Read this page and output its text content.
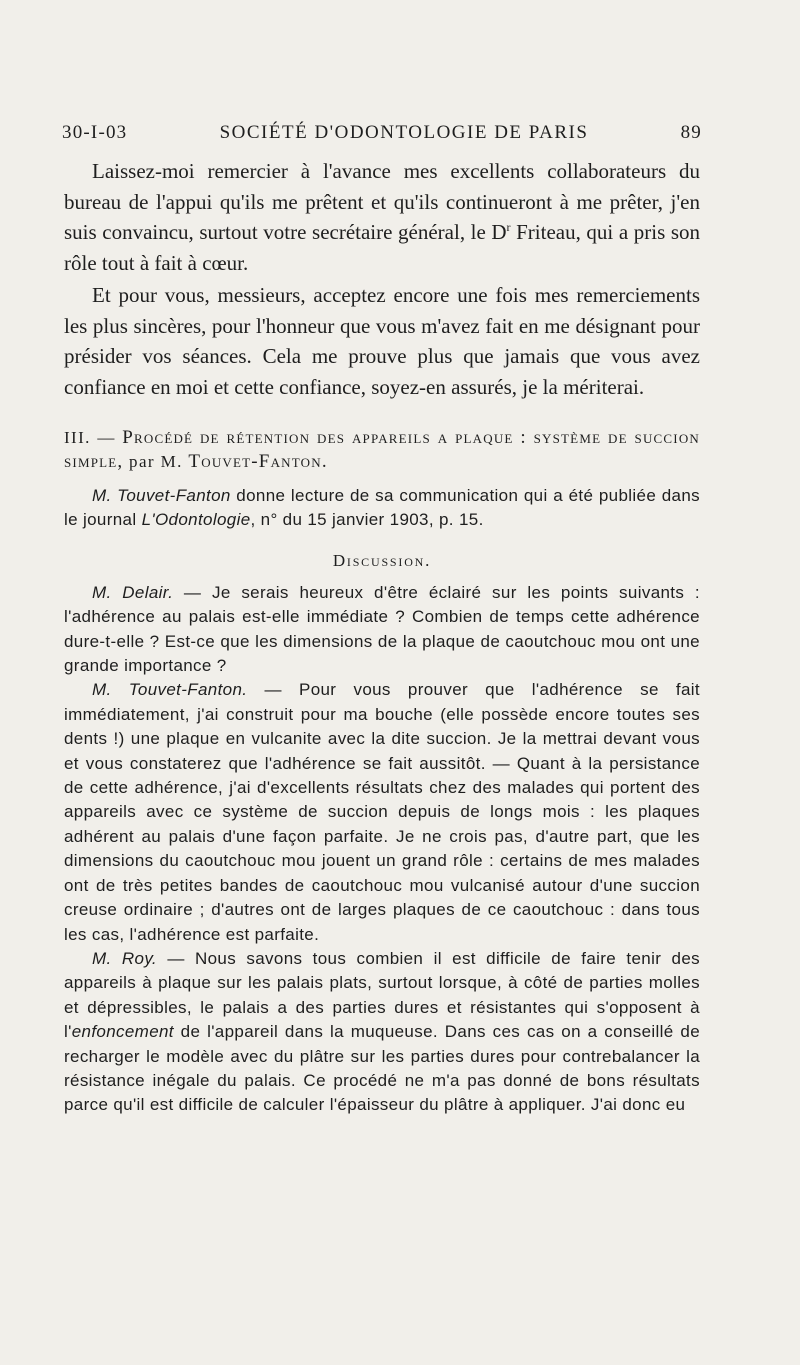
30-I-03	SOCIÉTÉ D'ODONTOLOGIE DE PARIS	89

Laissez-moi remercier à l'avance mes excellents collaborateurs du bureau de l'appui qu'ils me prêtent et qu'ils continueront à me prêter, j'en suis convaincu, surtout votre secrétaire général, le $D^r$ Friteau, qui a pris son rôle tout à fait à cœur.

Et pour vous, messieurs, acceptez encore une fois mes remerciements les plus sincères, pour l'honneur que vous m'avez fait en me désignant pour présider vos séances. Cela me prouve plus que jamais que vous avez confiance en moi et cette confiance, soyez-en assurés, je la mériterai.

III. — Procédé de rétention des appareils a plaque : système de succion simple, par M. Touvet-Fanton.

M. Touvet-Fanton donne lecture de sa communication qui a été publiée dans le journal L'Odontologie, n° du 15 janvier 1903, p. 15.

Discussion.

M. Delair. — Je serais heureux d'être éclairé sur les points suivants : l'adhérence au palais est-elle immédiate ? Combien de temps cette adhérence dure-t-elle ? Est-ce que les dimensions de la plaque de caoutchouc mou ont une grande importance ?

M. Touvet-Fanton. — Pour vous prouver que l'adhérence se fait immédiatement, j'ai construit pour ma bouche (elle possède encore toutes ses dents !) une plaque en vulcanite avec la dite succion. Je la mettrai devant vous et vous constaterez que l'adhérence se fait aussitôt. — Quant à la persistance de cette adhérence, j'ai d'excellents résultats chez des malades qui portent des appareils avec ce système de succion depuis de longs mois : les plaques adhérent au palais d'une façon parfaite. Je ne crois pas, d'autre part, que les dimensions du caoutchouc mou jouent un grand rôle : certains de mes malades ont de très petites bandes de caoutchouc mou vulcanisé autour d'une succion creuse ordinaire ; d'autres ont de larges plaques de ce caoutchouc : dans tous les cas, l'adhérence est parfaite.

M. Roy. — Nous savons tous combien il est difficile de faire tenir des appareils à plaque sur les palais plats, surtout lorsque, à côté de parties molles et dépressibles, le palais a des parties dures et résistantes qui s'opposent à l'enfoncement de l'appareil dans la muqueuse. Dans ces cas on a conseillé de recharger le modèle avec du plâtre sur les parties dures pour contrebalancer la résistance inégale du palais. Ce procédé ne m'a pas donné de bons résultats parce qu'il est difficile de calculer l'épaisseur du plâtre à appliquer. J'ai donc eu
